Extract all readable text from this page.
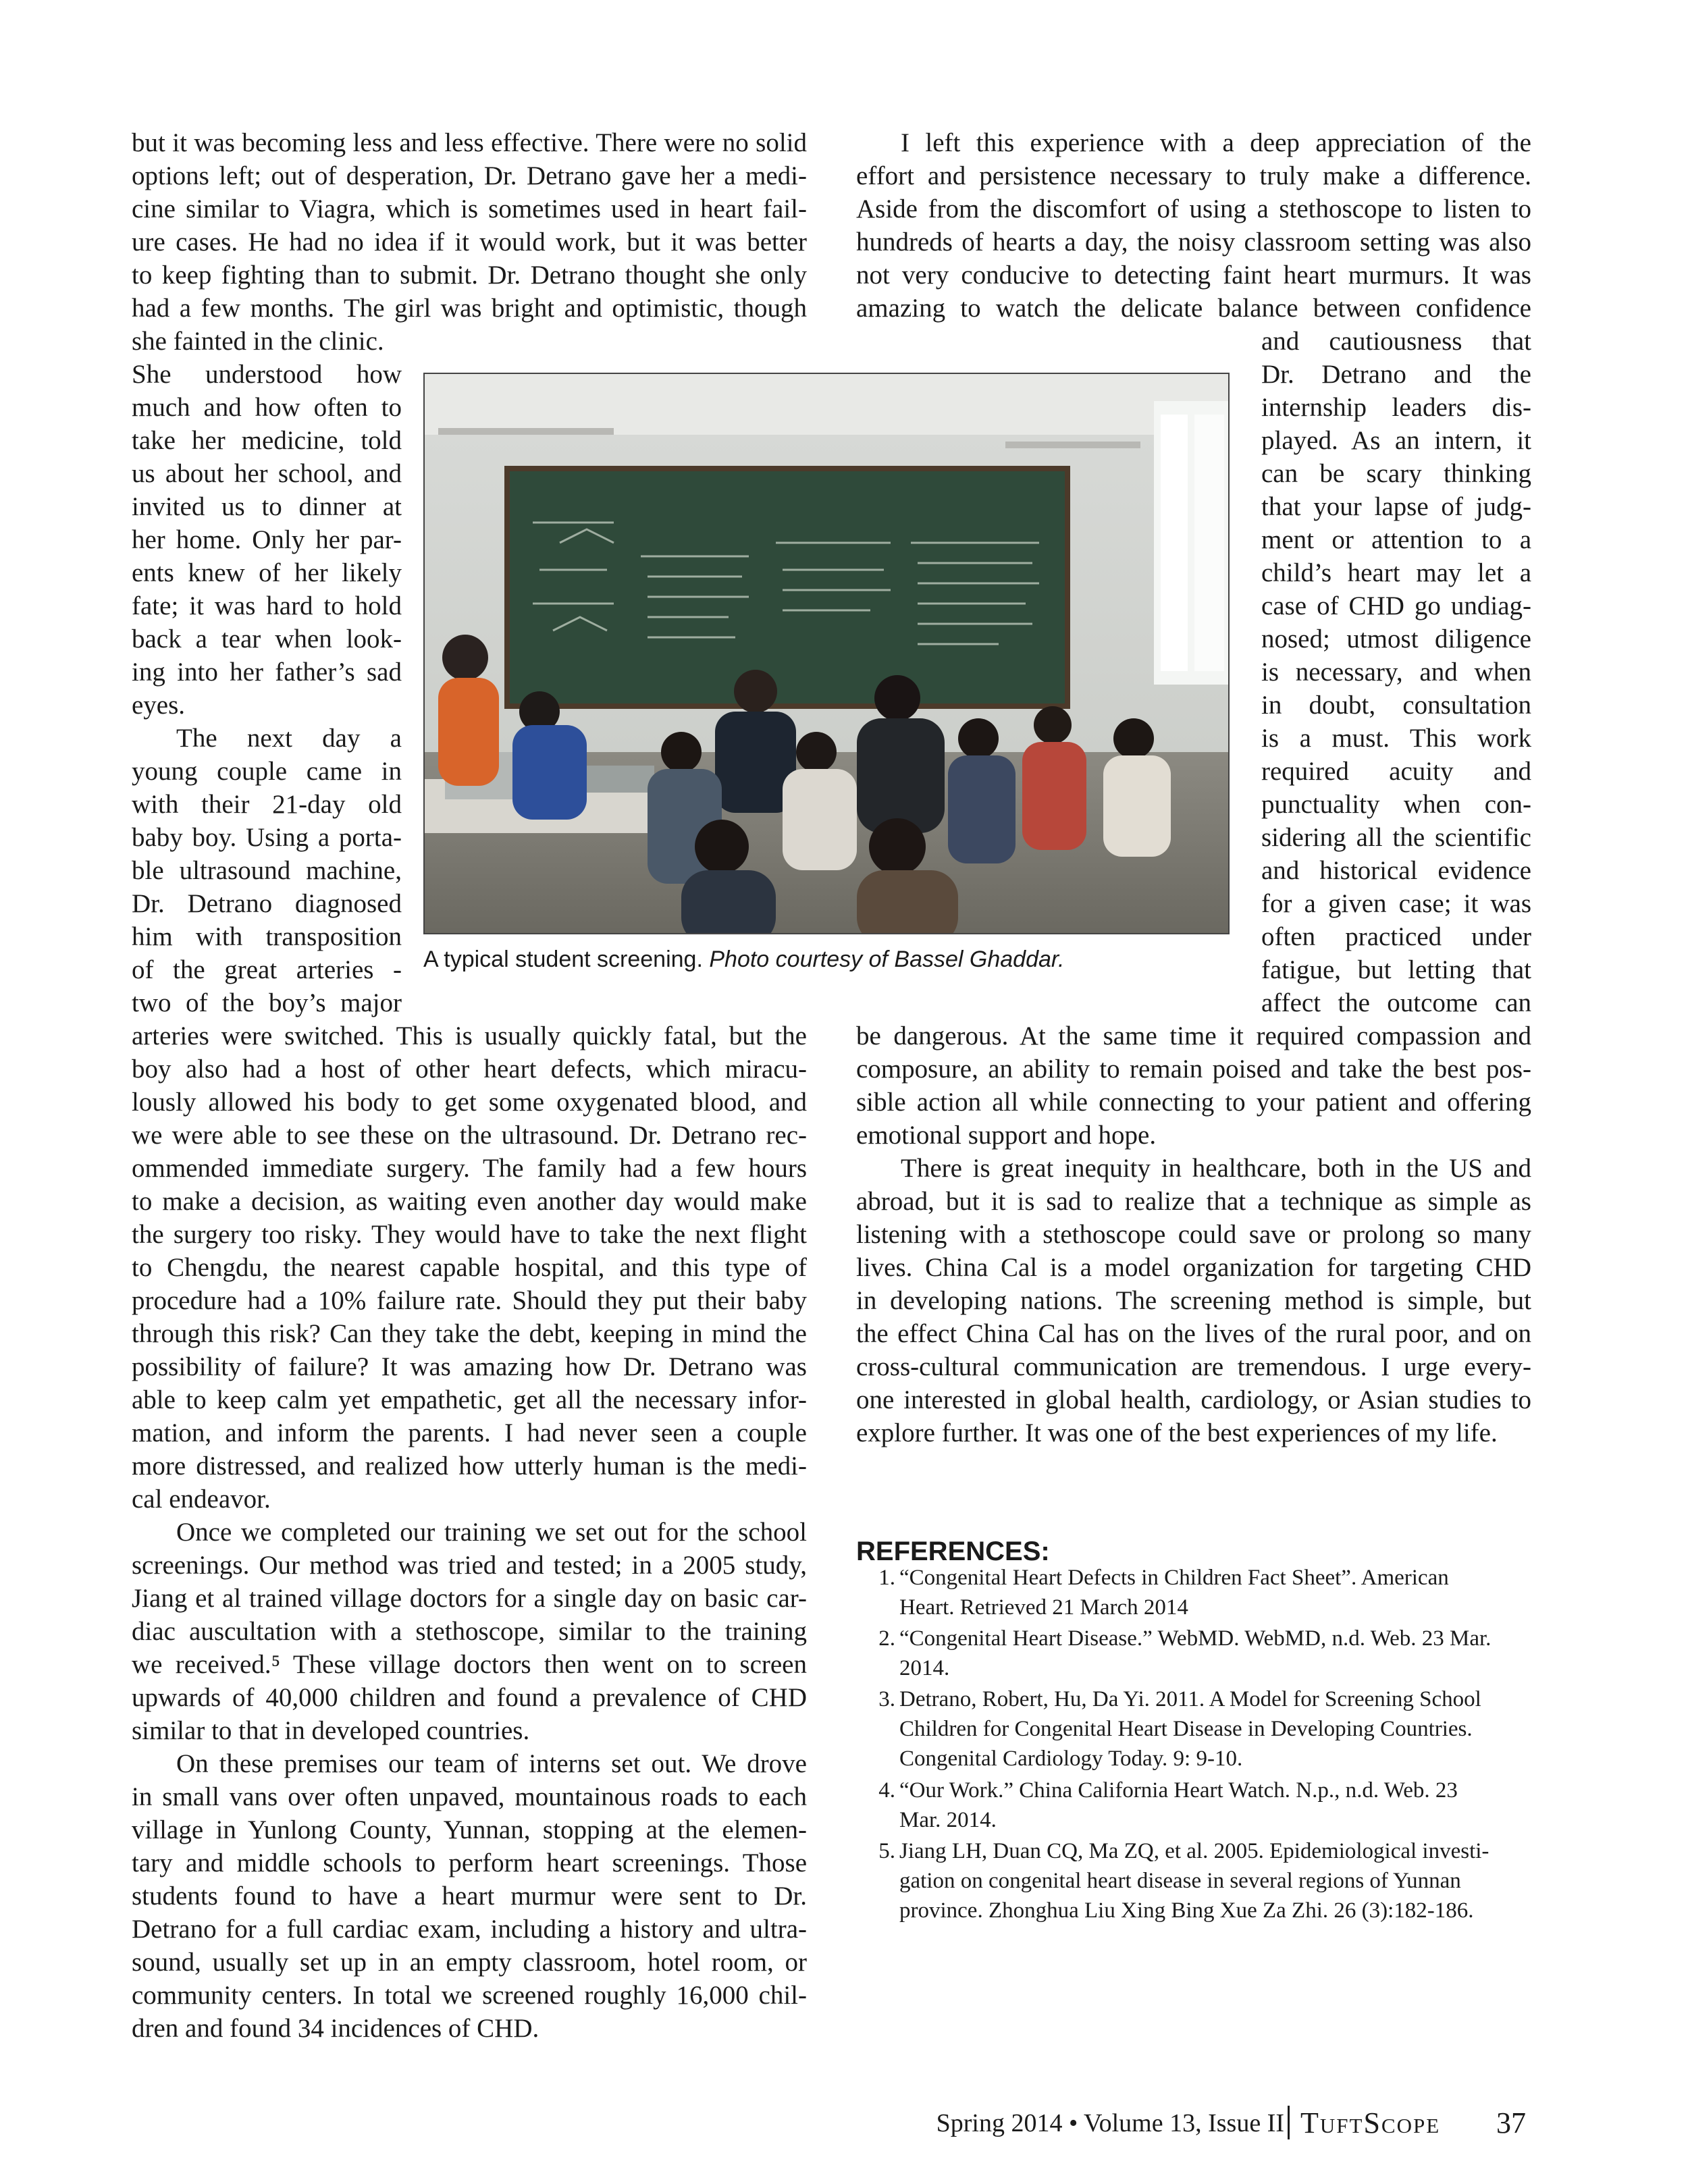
but it was becoming less and less effective. There were no solid
options left; out of desperation, Dr. Detrano gave her a medi-
cine similar to Viagra, which is sometimes used in heart fail-
ure cases. He had no idea if it would work, but it was better
to keep fighting than to submit. Dr. Detrano thought she only
had a few months. The girl was bright and optimistic, though
she fainted in the clinic.
She understood how
much and how often to
take her medicine, told
us about her school, and
invited us to dinner at
her home. Only her par-
ents knew of her likely
fate; it was hard to hold
back a tear when look-
ing into her father’s sad
eyes.
The next day a
young couple came in
with their 21-day old
baby boy. Using a porta-
ble ultrasound machine,
Dr. Detrano diagnosed
him with transposition
of the great arteries -
two of the boy’s major
arteries were switched. This is usually quickly fatal, but the
boy also had a host of other heart defects, which miracu-
lously allowed his body to get some oxygenated blood, and
we were able to see these on the ultrasound. Dr. Detrano rec-
ommended immediate surgery. The family had a few hours
to make a decision, as waiting even another day would make
the surgery too risky. They would have to take the next flight
to Chengdu, the nearest capable hospital, and this type of
procedure had a 10% failure rate. Should they put their baby
through this risk? Can they take the debt, keeping in mind the
possibility of failure? It was amazing how Dr. Detrano was
able to keep calm yet empathetic, get all the necessary infor-
mation, and inform the parents. I had never seen a couple
more distressed, and realized how utterly human is the medi-
cal endeavor.
Once we completed our training we set out for the school
screenings. Our method was tried and tested; in a 2005 study,
Jiang et al trained village doctors for a single day on basic car-
diac auscultation with a stethoscope, similar to the training
we received.⁵ These village doctors then went on to screen
upwards of 40,000 children and found a prevalence of CHD
similar to that in developed countries.
On these premises our team of interns set out. We drove
in small vans over often unpaved, mountainous roads to each
village in Yunlong County, Yunnan, stopping at the elemen-
tary and middle schools to perform heart screenings. Those
students found to have a heart murmur were sent to Dr.
Detrano for a full cardiac exam, including a history and ultra-
sound, usually set up in an empty classroom, hotel room, or
community centers. In total we screened roughly 16,000 chil-
dren and found 34 incidences of CHD.
I left this experience with a deep appreciation of the
effort and persistence necessary to truly make a difference.
Aside from the discomfort of using a stethoscope to listen to
hundreds of hearts a day, the noisy classroom setting was also
not very conducive to detecting faint heart murmurs. It was
amazing to watch the delicate balance between confidence
and cautiousness that
Dr. Detrano and the
internship leaders dis-
played. As an intern, it
can be scary thinking
that your lapse of judg-
ment or attention to a
child’s heart may let a
case of CHD go undiag-
nosed; utmost diligence
is necessary, and when
in doubt, consultation
is a must. This work
required acuity and
punctuality when con-
sidering all the scientific
and historical evidence
for a given case; it was
often practiced under
fatigue, but letting that
affect the outcome can
be dangerous. At the same time it required compassion and
composure, an ability to remain poised and take the best pos-
sible action all while connecting to your patient and offering
emotional support and hope.
There is great inequity in healthcare, both in the US and
abroad, but it is sad to realize that a technique as simple as
listening with a stethoscope could save or prolong so many
lives. China Cal is a model organization for targeting CHD
in developing nations. The screening method is simple, but
the effect China Cal has on the lives of the rural poor, and on
cross-cultural communication are tremendous. I urge every-
one interested in global health, cardiology, or Asian studies to
explore further. It was one of the best experiences of my life.
A typical student screening. Photo courtesy of Bassel Ghaddar.
REFERENCES:
1. “Congenital Heart Defects in Children Fact Sheet”. American
Heart. Retrieved 21 March 2014
2. “Congenital Heart Disease.” WebMD. WebMD, n.d. Web. 23 Mar.
2014.
3. Detrano, Robert, Hu, Da Yi. 2011. A Model for Screening School
Children for Congenital Heart Disease in Developing Countries.
Congenital Cardiology Today. 9: 9-10.
4. “Our Work.” China California Heart Watch. N.p., n.d. Web. 23
Mar. 2014.
5. Jiang LH, Duan CQ, Ma ZQ, et al. 2005. Epidemiological investi-
gation on congenital heart disease in several regions of Yunnan
province. Zhonghua Liu Xing Bing Xue Za Zhi. 26 (3):182-186.
Spring 2014 • Volume 13, Issue II TuftScope 37
